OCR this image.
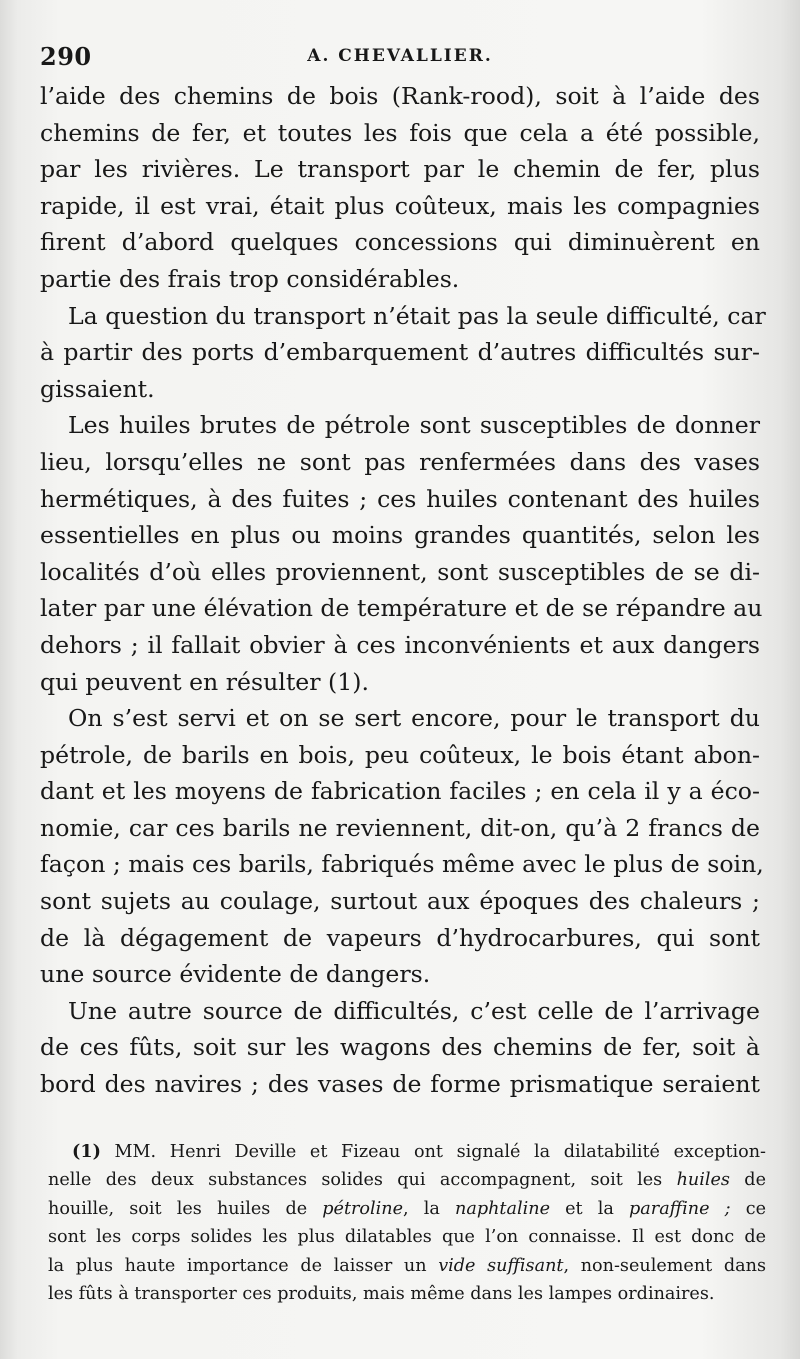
290	A. CHEVALLIER.
l’aide des chemins de bois (Rank-rood), soit à l’aide des
chemins de fer, et toutes les fois que cela a été possible,
par les rivières. Le transport par le chemin de fer, plus
rapide, il est vrai, était plus coûteux, mais les compagnies
firent d’abord quelques concessions qui diminuèrent en
partie des frais trop considérables.
La question du transport n’était pas la seule difficulté, car
à partir des ports d’embarquement d’autres difficultés sur-
gissaient.
Les huiles brutes de pétrole sont susceptibles de donner
lieu, lorsqu’elles ne sont pas renfermées dans des vases
hermétiques, à des fuites ; ces huiles contenant des huiles
essentielles en plus ou moins grandes quantités, selon les
localités d’où elles proviennent, sont susceptibles de se di-
later par une élévation de température et de se répandre au
dehors ; il fallait obvier à ces inconvénients et aux dangers
qui peuvent en résulter (1).
On s’est servi et on se sert encore, pour le transport du
pétrole, de barils en bois, peu coûteux, le bois étant abon-
dant et les moyens de fabrication faciles ; en cela il y a éco-
nomie, car ces barils ne reviennent, dit-on, qu’à 2 francs de
façon ; mais ces barils, fabriqués même avec le plus de soin,
sont sujets au coulage, surtout aux époques des chaleurs ;
de là dégagement de vapeurs d’hydrocarbures, qui sont
une source évidente de dangers.
Une autre source de difficultés, c’est celle de l’arrivage
de ces fûts, soit sur les wagons des chemins de fer, soit à
bord des navires ; des vases de forme prismatique seraient
(1) MM. Henri Deville et Fizeau ont signalé la dilatabilité exception-
nelle des deux substances solides qui accompagnent, soit les huiles de
houille, soit les huiles de pétroline, la naphtaline et la paraffine ; ce
sont les corps solides les plus dilatables que l’on connaisse. Il est donc de
la plus haute importance de laisser un vide suffisant, non-seulement dans
les fûts à transporter ces produits, mais même dans les lampes ordinaires.
